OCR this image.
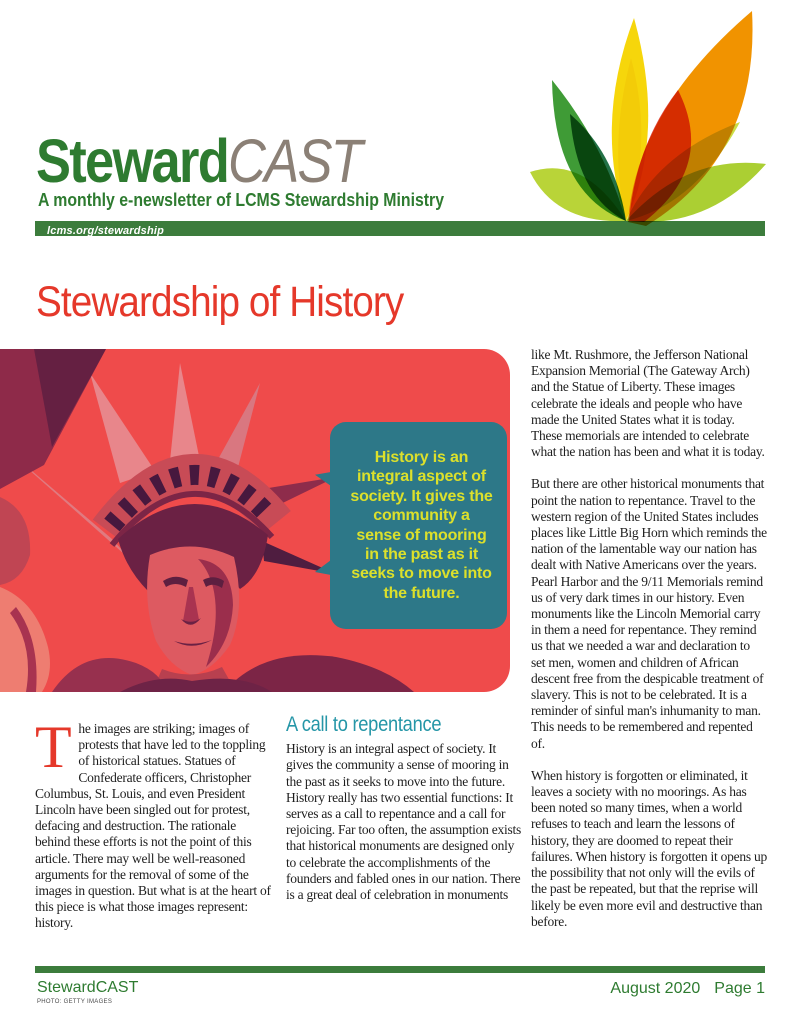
StewardCAST
A monthly e-newsletter of LCMS Stewardship Ministry
lcms.org/stewardship
Stewardship of History

History is an integral aspect of society. It gives the community a sense of mooring in the past as it seeks to move into the future.

The images are striking; images of protests that have led to the toppling of historical statues. Statues of Confederate officers, Christopher Columbus, St. Louis, and even President Lincoln have been singled out for protest, defacing and destruction. The rationale behind these efforts is not the point of this article. There may well be well-reasoned arguments for the removal of some of the images in question. But what is at the heart of this piece is what those images represent: history.
A call to repentance

History is an integral aspect of society. It gives the community a sense of mooring in the past as it seeks to move into the future. History really has two essential functions: It serves as a call to repentance and a call for rejoicing. Far too often, the assumption exists that historical monuments are designed only to celebrate the accomplishments of the founders and fabled ones in our nation. There is a great deal of celebration in monuments

like Mt. Rushmore, the Jefferson National Expansion Memorial (The Gateway Arch) and the Statue of Liberty. These images celebrate the ideals and people who have made the United States what it is today. These memorials are intended to celebrate what the nation has been and what it is today.

But there are other historical monuments that point the nation to repentance. Travel to the western region of the United States includes places like Little Big Horn which reminds the nation of the lamentable way our nation has dealt with Native Americans over the years. Pearl Harbor and the 9/11 Memorials remind us of very dark times in our history. Even monuments like the Lincoln Memorial carry in them a need for repentance. They remind us that we needed a war and declaration to set men, women and children of African descent free from the despicable treatment of slavery. This is not to be celebrated. It is a reminder of sinful man's inhumanity to man. This needs to be remembered and repented of.

When history is forgotten or eliminated, it leaves a society with no moorings. As has been noted so many times, when a world refuses to teach and learn the lessons of history, they are doomed to repeat their failures. When history is forgotten it opens up the possibility that not only will the evils of the past be repeated, but that the reprise will likely be even more evil and destructive than before.

StewardCAST
PHOTO: GETTY IMAGES
August 2020 Page 1
